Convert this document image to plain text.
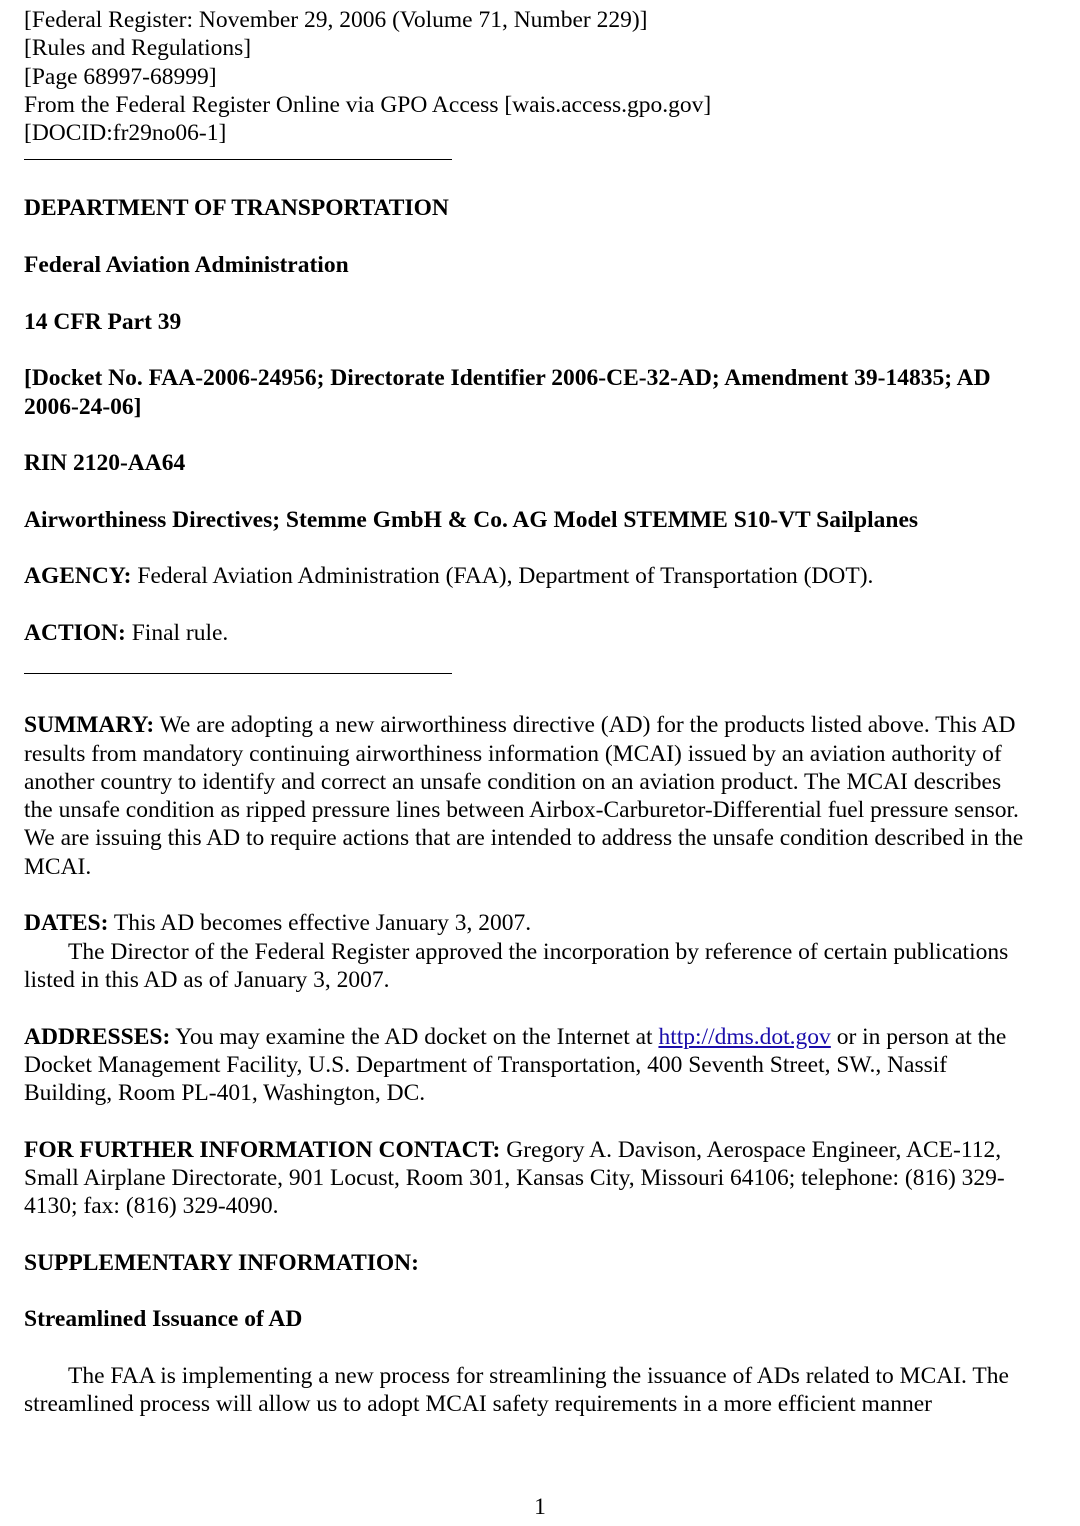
[Federal Register: November 29, 2006 (Volume 71, Number 229)]
[Rules and Regulations]
[Page 68997-68999]
From the Federal Register Online via GPO Access [wais.access.gpo.gov]
[DOCID:fr29no06-1]

DEPARTMENT OF TRANSPORTATION

Federal Aviation Administration

14 CFR Part 39

[Docket No. FAA-2006-24956; Directorate Identifier 2006-CE-32-AD; Amendment 39-14835; AD 2006-24-06]

RIN 2120-AA64

Airworthiness Directives; Stemme GmbH & Co. AG Model STEMME S10-VT Sailplanes

AGENCY: Federal Aviation Administration (FAA), Department of Transportation (DOT).

ACTION: Final rule.

SUMMARY: We are adopting a new airworthiness directive (AD) for the products listed above. This AD results from mandatory continuing airworthiness information (MCAI) issued by an aviation authority of another country to identify and correct an unsafe condition on an aviation product. The MCAI describes the unsafe condition as ripped pressure lines between Airbox-Carburetor-Differential fuel pressure sensor. We are issuing this AD to require actions that are intended to address the unsafe condition described in the MCAI.

DATES: This AD becomes effective January 3, 2007.

The Director of the Federal Register approved the incorporation by reference of certain publications listed in this AD as of January 3, 2007.

ADDRESSES: You may examine the AD docket on the Internet at http://dms.dot.gov or in person at the Docket Management Facility, U.S. Department of Transportation, 400 Seventh Street, SW., Nassif Building, Room PL-401, Washington, DC.

FOR FURTHER INFORMATION CONTACT: Gregory A. Davison, Aerospace Engineer, ACE-112, Small Airplane Directorate, 901 Locust, Room 301, Kansas City, Missouri 64106; telephone: (816) 329-4130; fax: (816) 329-4090.

SUPPLEMENTARY INFORMATION:

Streamlined Issuance of AD

The FAA is implementing a new process for streamlining the issuance of ADs related to MCAI. The streamlined process will allow us to adopt MCAI safety requirements in a more efficient manner

1
